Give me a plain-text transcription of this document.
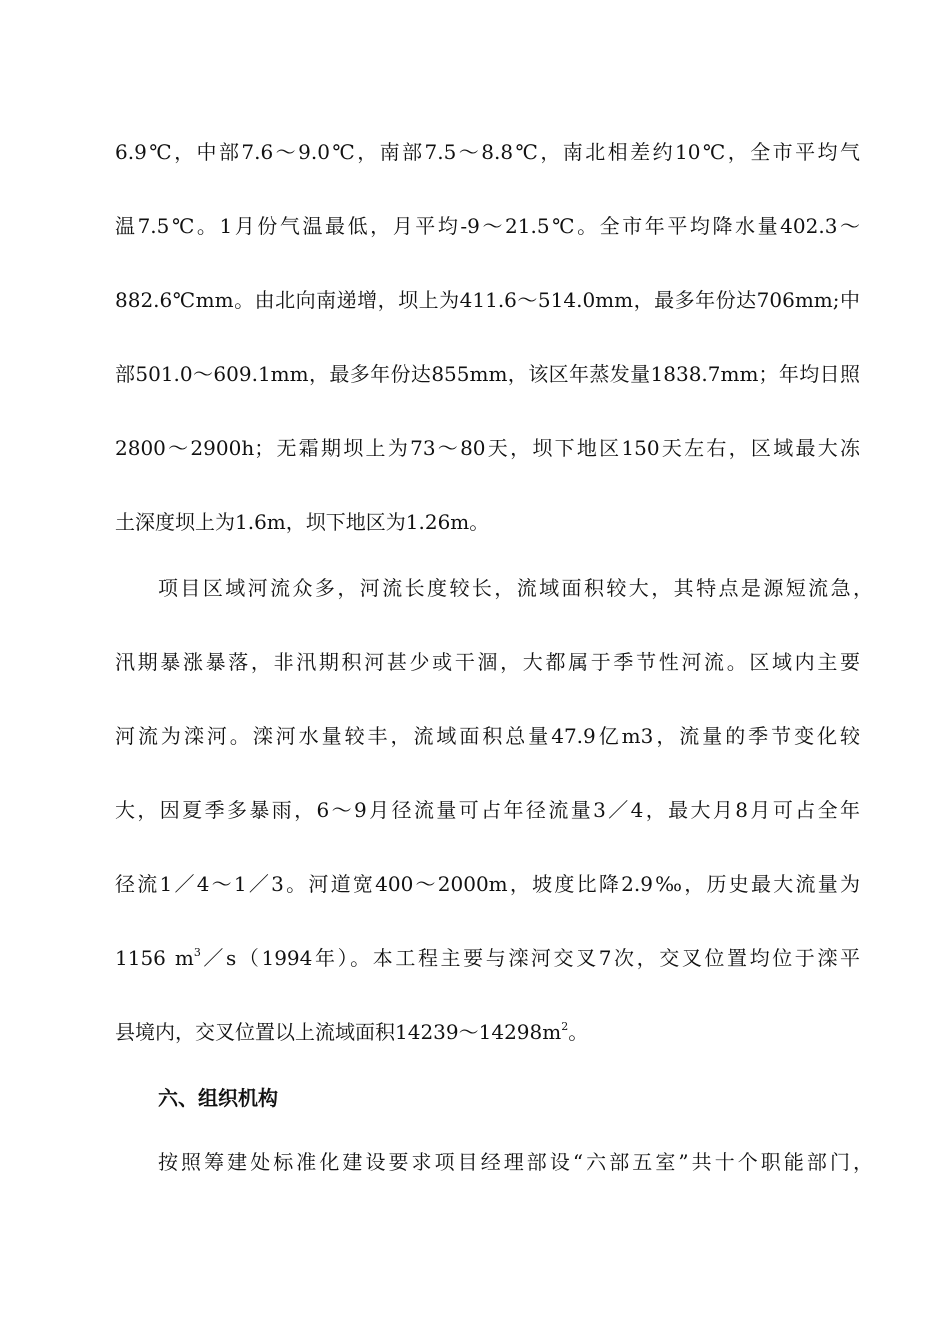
6.9℃，中部7.6～9.0℃，南部7.5～8.8℃，南北相差约10℃，全市平均气
温7.5℃。1月份气温最低，月平均-9～21.5℃。全市年平均降水量402.3～
882.6℃mm。由北向南递增，坝上为411.6～514.0mm，最多年份达706mm;中
部501.0～609.1mm，最多年份达855mm，该区年蒸发量1838.7mm；年均日照
2800～2900h；无霜期坝上为73～80天，坝下地区150天左右，区域最大冻
土深度坝上为1.6m，坝下地区为1.26m。
项目区域河流众多，河流长度较长，流域面积较大，其特点是源短流急，
汛期暴涨暴落，非汛期积河甚少或干涸，大都属于季节性河流。区域内主要
河流为滦河。滦河水量较丰，流域面积总量47.9亿m3，流量的季节变化较
大，因夏季多暴雨，6～9月径流量可占年径流量3／4，最大月8月可占全年
径流1／4～1／3。河道宽400～2000m，坡度比降2.9‰，历史最大流量为
1156 $m^3/s(1994$年）。本工程主要与滦河交叉7次，交叉位置均位于滦平
县境内，交叉位置以上流域面积$14239\sim 14298m^2$。
六、组织机构
按照筹建处标准化建设要求项目经理部设“六部五室”共十个职能部门，
